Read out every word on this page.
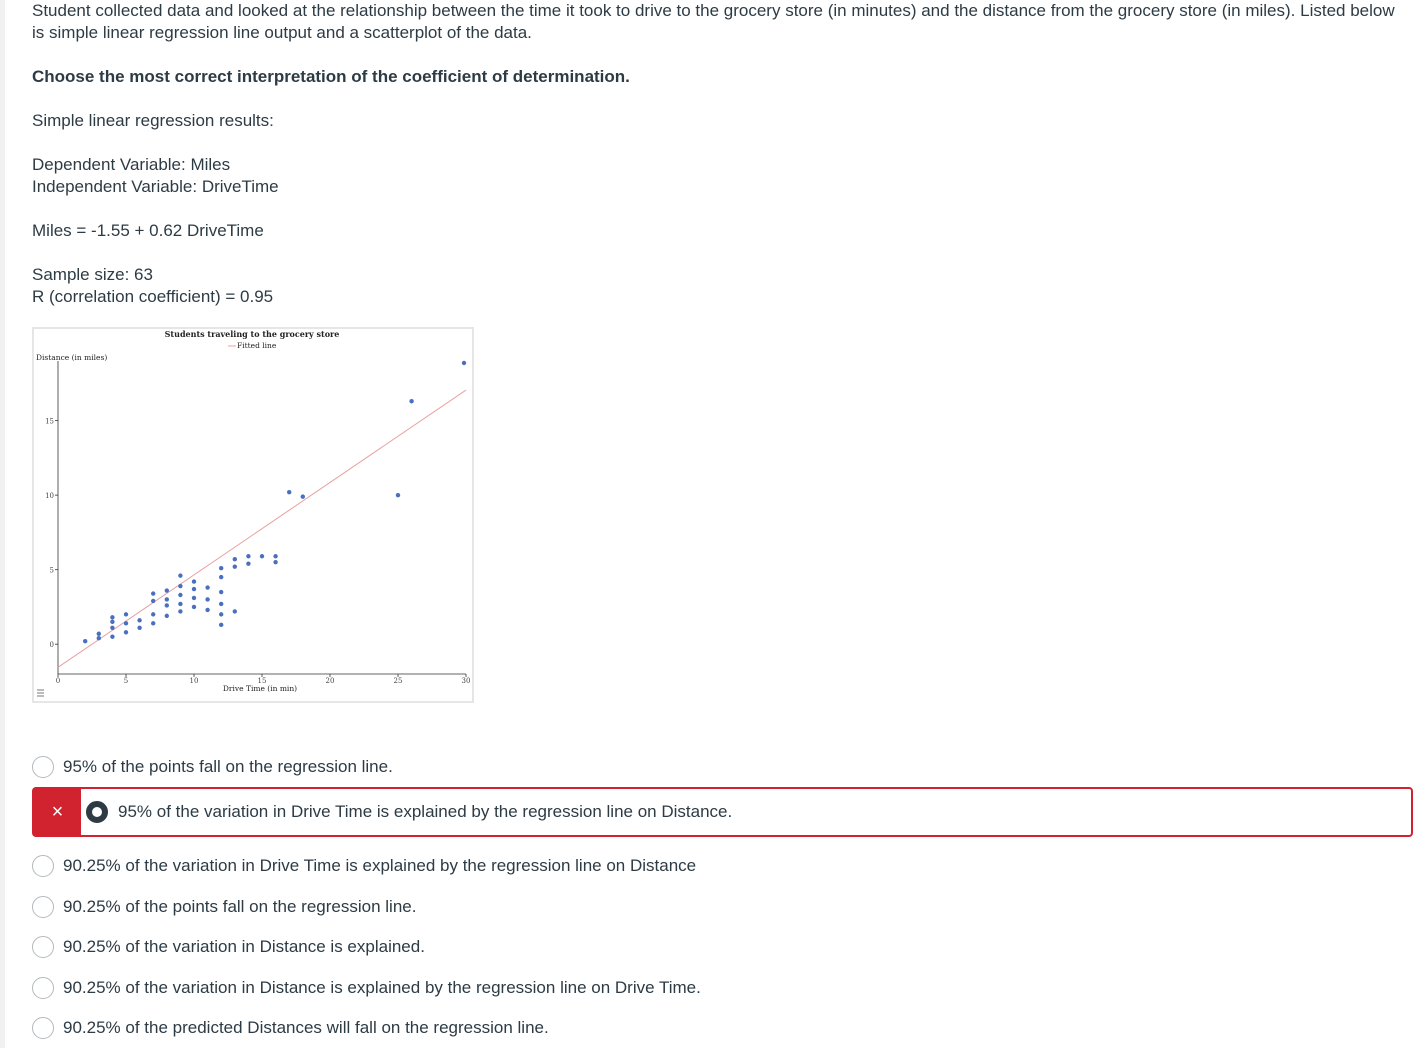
Student collected data and looked at the relationship between the time it took to drive to the grocery store (in minutes) and the distance from the grocery store (in miles). Listed below is simple linear regression line output and a scatterplot of the data.

Choose the most correct interpretation of the coefficient of determination.

Simple linear regression results:

Dependent Variable: Miles

Independent Variable: DriveTime

Miles = -1.55 + 0.62 DriveTime

Sample size: 63

R (correlation coefficient) = 0.95

Students traveling to the grocery store
Fitted line
Distance (in miles)
Drive Time (in min)
0
5
10
15
0	5	10	15	20	25	30
95% of the points fall on the regression line.
×	95% of the variation in Drive Time is explained by the regression line on Distance.
90.25% of the variation in Drive Time is explained by the regression line on Distance
90.25% of the points fall on the regression line.
90.25% of the variation in Distance is explained.
90.25% of the variation in Distance is explained by the regression line on Drive Time.
90.25% of the predicted Distances will fall on the regression line.
